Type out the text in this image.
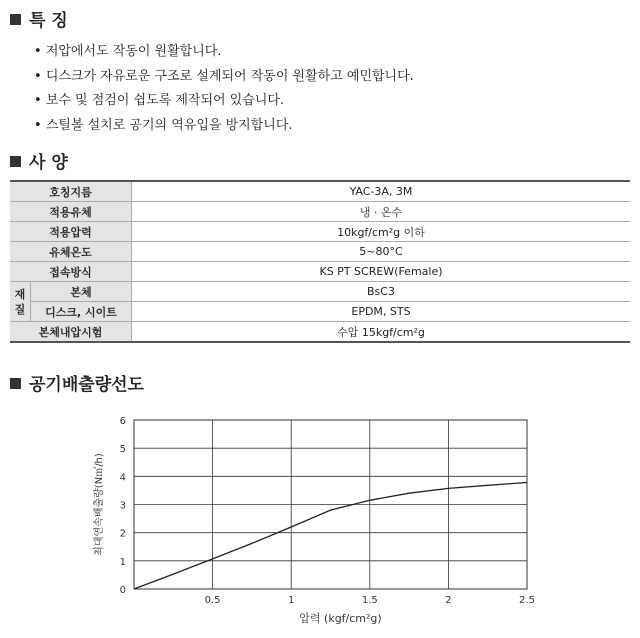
특 징
• 저압에서도 작동이 원활합니다.
• 디스크가 자유로운 구조로 설계되어 작동이 원활하고 예민합니다.
• 보수 및 점검이 쉽도록 제작되어 있습니다.
• 스틸볼 설치로 공기의 역유입을 방지합니다.
사 양
호칭지름		YAC-3A, 3M
적용유체		냉 · 온수
적용압력		10kgf/cm²g 이하
유체온도		5~80°C
접속방식		KS PT SCREW(Female)
재
질	본체	BsC3
	디스크, 시이트	EPDM, STS
본체내압시험		수압 15kgf/cm²g
공기배출량선도
0
1
2
3
4
5
6
0.5	1	1.5	2	2.5
압력 (kgf/cm²g)
최대연속배출량(N㎥/h)
